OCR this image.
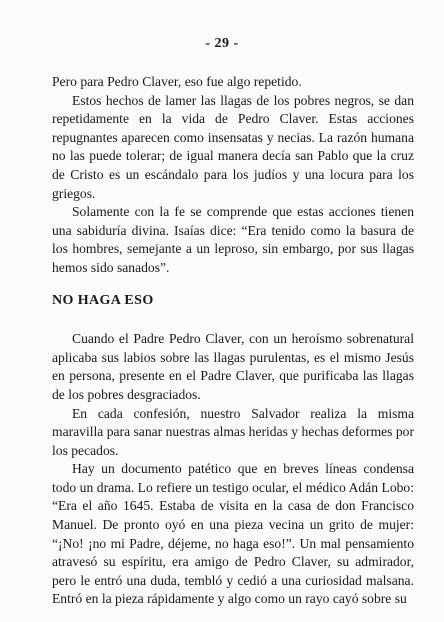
- 29 -

Pero para Pedro Claver, eso fue algo repetido.

Estos hechos de lamer las llagas de los pobres negros, se dan repetidamente en la vida de Pedro Claver. Estas acciones repugnantes aparecen como insensatas y necias. La razón humana no las puede tolerar; de igual manera decía san Pablo que la cruz de Cristo es un escándalo para los judíos y una locura para los griegos.

Solamente con la fe se comprende que estas acciones tienen una sabiduría divina. Isaías dice: “Era tenido como la basura de los hombres, semejante a un leproso, sin embargo, por sus llagas hemos sido sanados”.

NO HAGA ESO

Cuando el Padre Pedro Claver, con un heroísmo sobrenatural aplicaba sus labios sobre las llagas purulentas, es el mismo Jesús en persona, presente en el Padre Claver, que purificaba las llagas de los pobres desgraciados.

En cada confesión, nuestro Salvador realiza la misma maravilla para sanar nuestras almas heridas y hechas deformes por los pecados.

Hay un documento patético que en breves líneas condensa todo un drama. Lo refiere un testigo ocular, el médico Adán Lobo: “Era el año 1645. Estaba de visita en la casa de don Francisco Manuel. De pronto oyó en una pieza vecina un grito de mujer: “¡No! ¡no mi Padre, déjeme, no haga eso!”. Un mal pensamiento atravesó su espíritu, era amigo de Pedro Claver, su admirador, pero le entró una duda, tembló y cedió a una curiosidad malsana. Entró en la pieza rápidamente y algo como un rayo cayó sobre su
